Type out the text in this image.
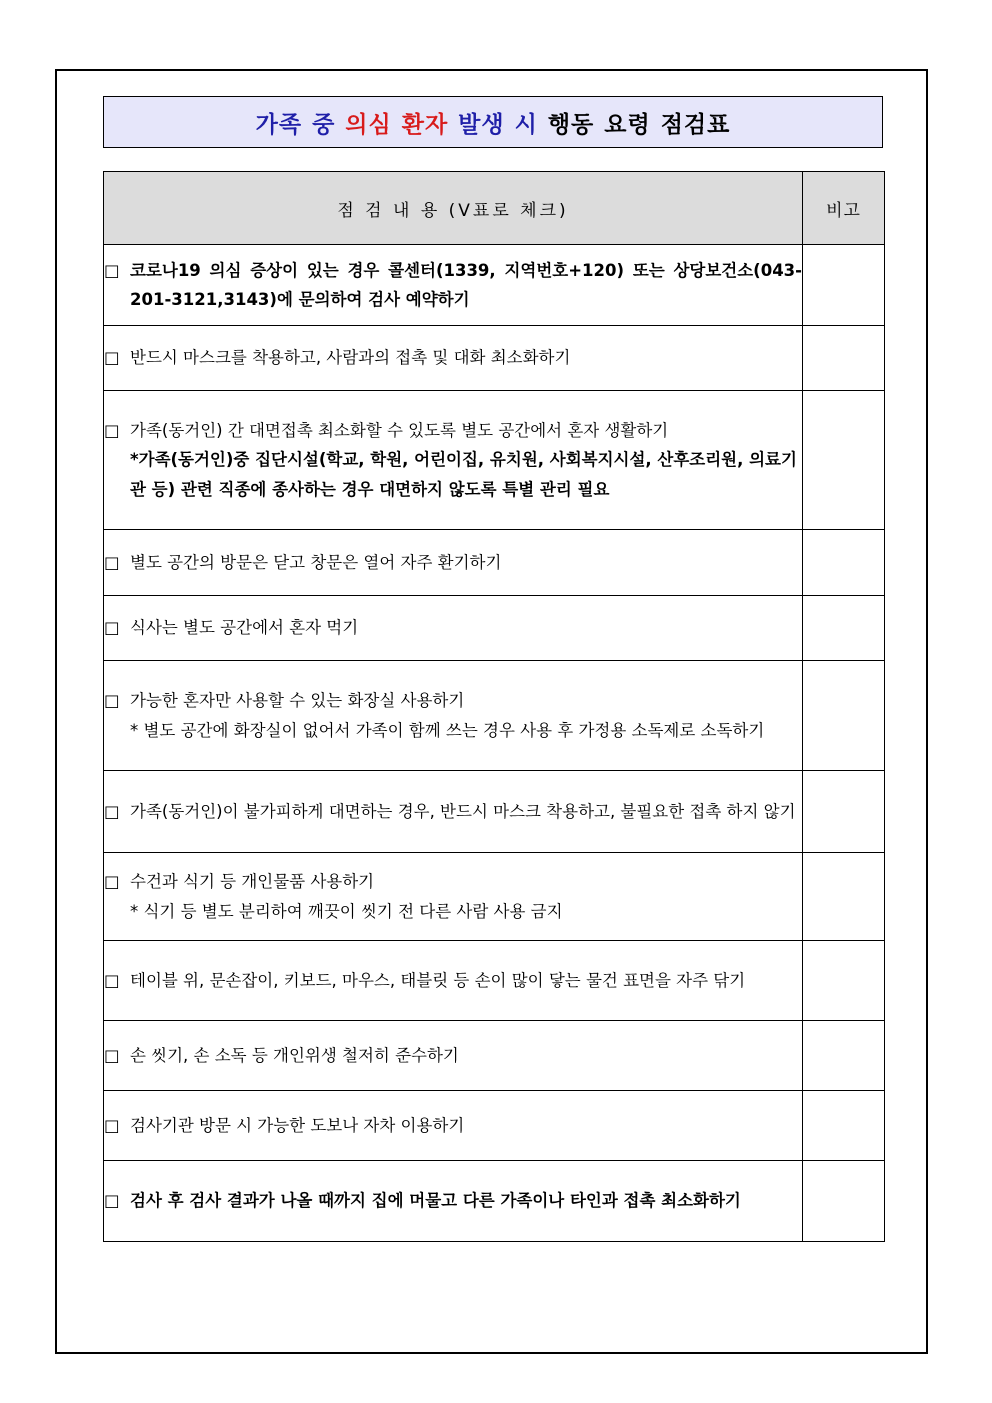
가족 중 의심 환자 발생 시 행동 요령 점검표
점 검 내 용 (V표로 체크)	비고

□ 코로나19 의심 증상이 있는 경우 콜센터(1339, 지역번호+120) 또는 상당보건소(043-201-3121,3143)에 문의하여 검사 예약하기	

□ 반드시 마스크를 착용하고, 사람과의 접촉 및 대화 최소화하기	

□ 가족(동거인) 간 대면접촉 최소화할 수 있도록 별도 공간에서 혼자 생활하기
*가족(동거인)중 집단시설(학교, 학원, 어린이집, 유치원, 사회복지시설, 산후조리원, 의료기관 등) 관련 직종에 종사하는 경우 대면하지 않도록 특별 관리 필요	

□ 별도 공간의 방문은 닫고 창문은 열어 자주 환기하기	

□ 식사는 별도 공간에서 혼자 먹기	

□ 가능한 혼자만 사용할 수 있는 화장실 사용하기
* 별도 공간에 화장실이 없어서 가족이 함께 쓰는 경우 사용 후 가정용 소독제로 소독하기	

□ 가족(동거인)이 불가피하게 대면하는 경우, 반드시 마스크 착용하고, 불필요한 접촉 하지 않기	

□ 수건과 식기 등 개인물품 사용하기
* 식기 등 별도 분리하여 깨끗이 씻기 전 다른 사람 사용 금지	

□ 테이블 위, 문손잡이, 키보드, 마우스, 태블릿 등 손이 많이 닿는 물건 표면을 자주 닦기	

□ 손 씻기, 손 소독 등 개인위생 철저히 준수하기	

□ 검사기관 방문 시 가능한 도보나 자차 이용하기	

□ 검사 후 검사 결과가 나올 때까지 집에 머물고 다른 가족이나 타인과 접촉 최소화하기	
